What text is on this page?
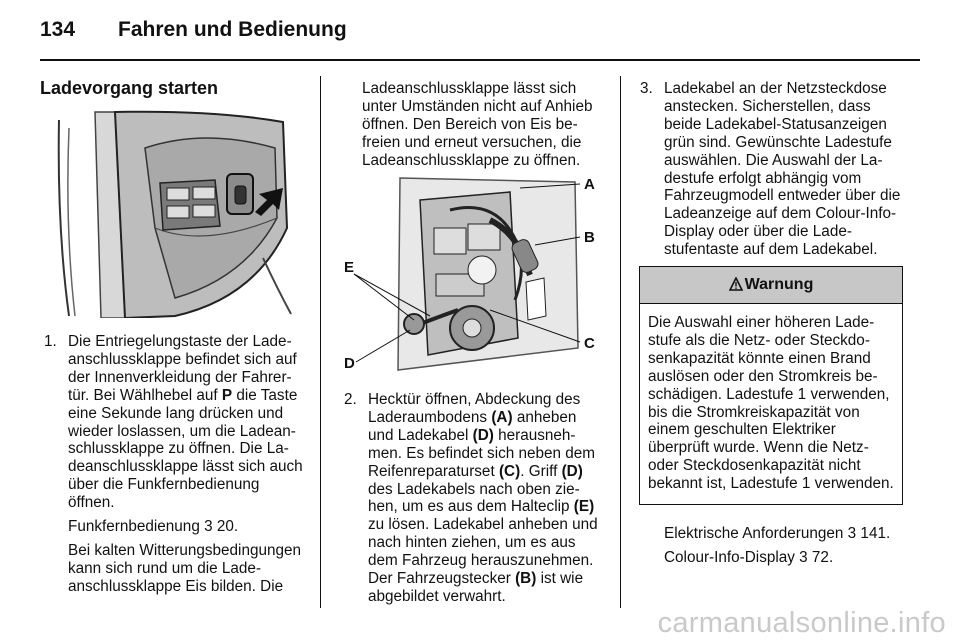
134 Fahren und Bedienung
Ladevorgang starten
1. Die Entriegelungstaste der Ladeanschlussklappe befindet sich auf der Innenverkleidung der Fahrertür. Bei Wählhebel auf P die Taste eine Sekunde lang drücken und wieder loslassen, um die Ladeanschlussklappe zu öffnen. Die Ladeanschlussklappe lässt sich auch über die Funkfernbedienung öffnen.

Funkfernbedienung 3 20.

Bei kalten Witterungsbedingungen kann sich rund um die Ladeanschlussklappe Eis bilden. Die

Ladeanschlussklappe lässt sich unter Umständen nicht auf Anhieb öffnen. Den Bereich von Eis befreien und erneut versuchen, die Ladeanschlussklappe zu öffnen.

A
B
C
E
D
2. Hecktür öffnen, Abdeckung des Laderaumbodens (A) anheben und Ladekabel (D) herausnehmen. Es befindet sich neben dem Reifenreparaturset (C). Griff (D) des Ladekabels nach oben ziehen, um es aus dem Halteclip (E) zu lösen. Ladekabel anheben und nach hinten ziehen, um es aus dem Fahrzeug herauszunehmen. Der Fahrzeugstecker (B) ist wie abgebildet verwahrt.
3. Ladekabel an der Netzsteckdose anstecken. Sicherstellen, dass beide Ladekabel-Statusanzeigen grün sind. Gewünschte Ladestufe auswählen. Die Auswahl der Ladestufe erfolgt abhängig vom Fahrzeugmodell entweder über die Ladeanzeige auf dem Colour-Info-Display oder über die Ladestufentaste auf dem Ladekabel.
Warnung
Die Auswahl einer höheren Ladestufe als die Netz- oder Steckdosenkapazität könnte einen Brand auslösen oder den Stromkreis beschädigen. Ladestufe 1 verwenden, bis die Stromkreiskapazität von einem geschulten Elektriker überprüft wurde. Wenn die Netz- oder Steckdosenkapazität nicht bekannt ist, Ladestufe 1 verwenden.

Elektrische Anforderungen 3 141.

Colour-Info-Display 3 72.

carmanualsonline.info
